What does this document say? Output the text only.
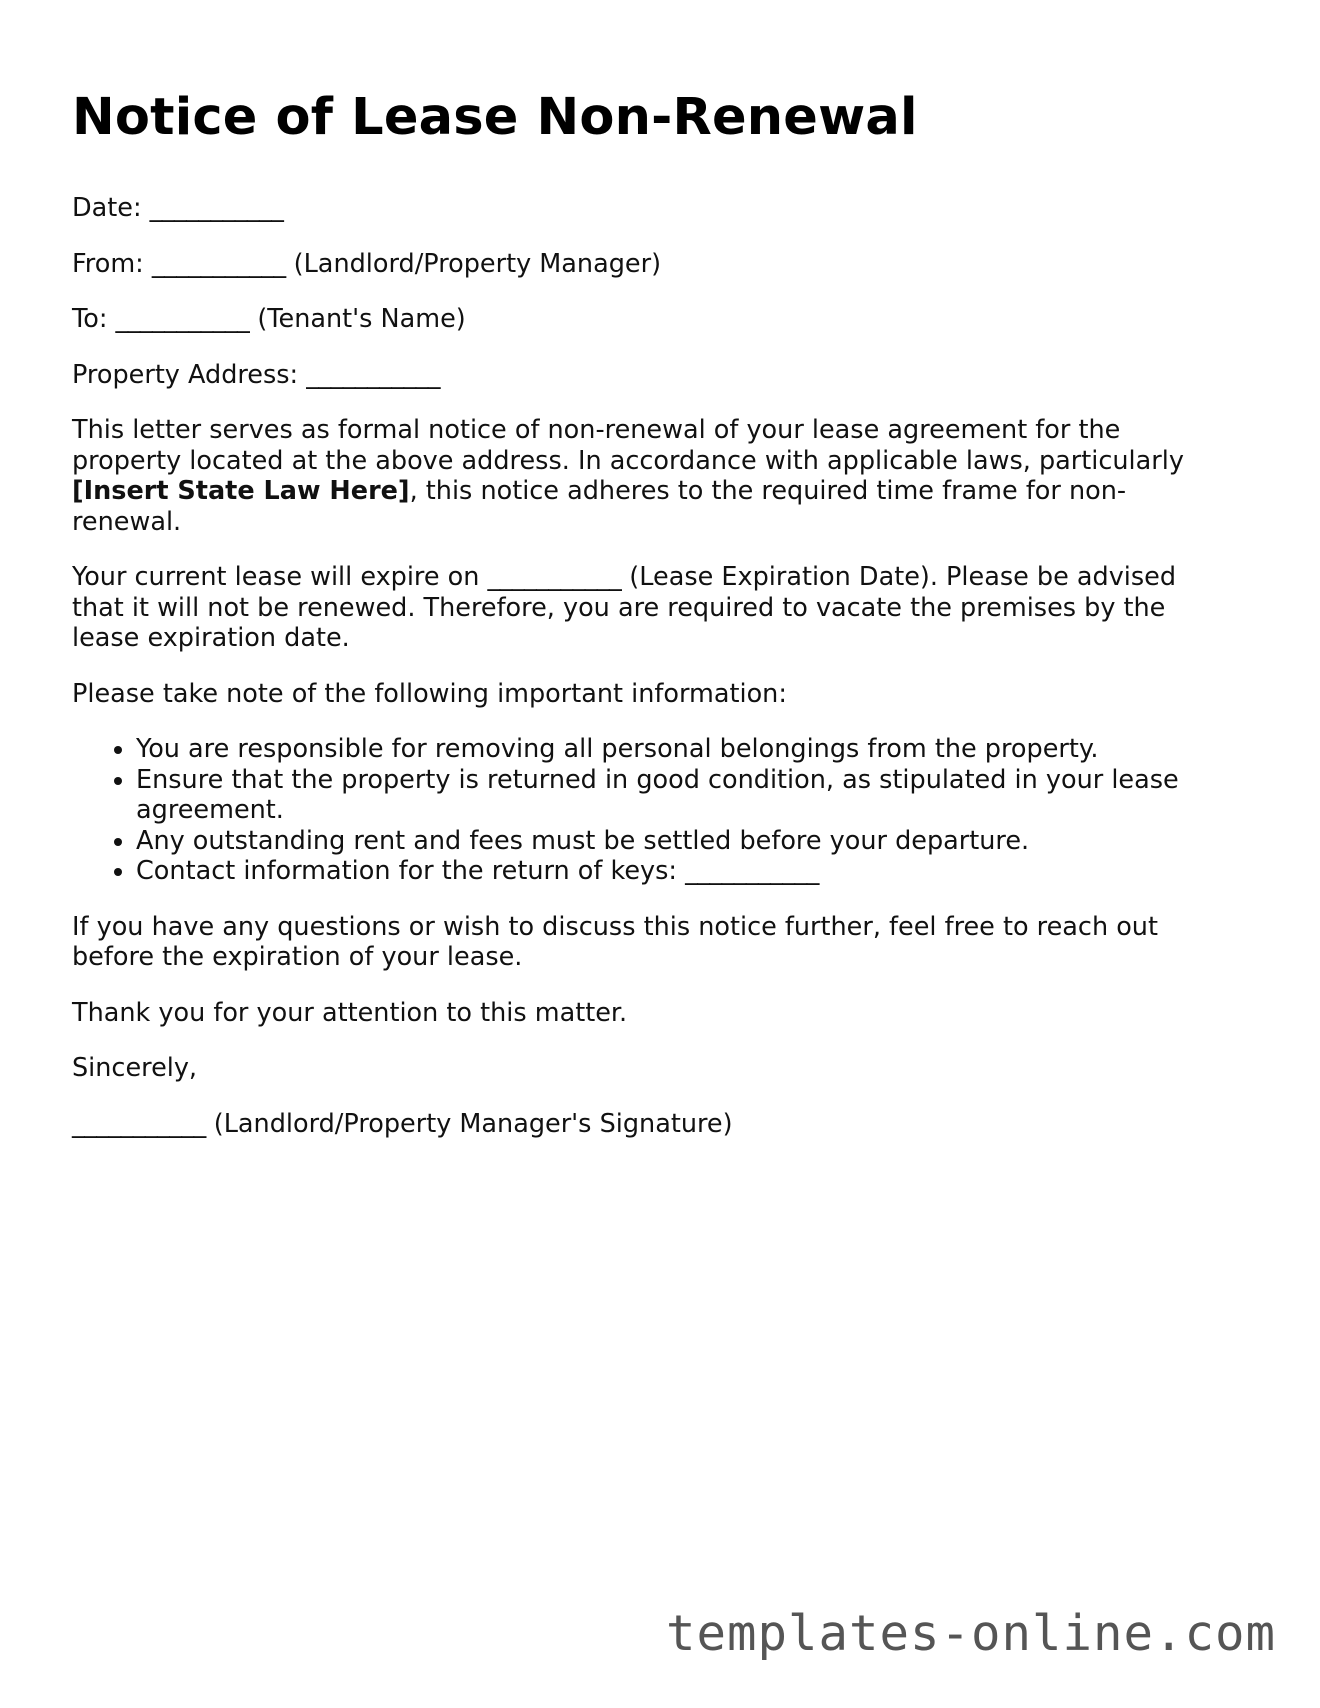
Notice of Lease Non-Renewal

Date: ___________

From: ___________ (Landlord/Property Manager)

To: ___________ (Tenant's Name)

Property Address: ___________

This letter serves as formal notice of non-renewal of your lease agreement for the property located at the above address. In accordance with applicable laws, particularly [Insert State Law Here], this notice adheres to the required time frame for non-renewal.

Your current lease will expire on ___________ (Lease Expiration Date). Please be advised that it will not be renewed. Therefore, you are required to vacate the premises by the lease expiration date.

Please take note of the following important information:

• You are responsible for removing all personal belongings from the property.
• Ensure that the property is returned in good condition, as stipulated in your lease agreement.
• Any outstanding rent and fees must be settled before your departure.
• Contact information for the return of keys: ___________

If you have any questions or wish to discuss this notice further, feel free to reach out before the expiration of your lease.

Thank you for your attention to this matter.

Sincerely,

___________ (Landlord/Property Manager's Signature)

templates-online.com
